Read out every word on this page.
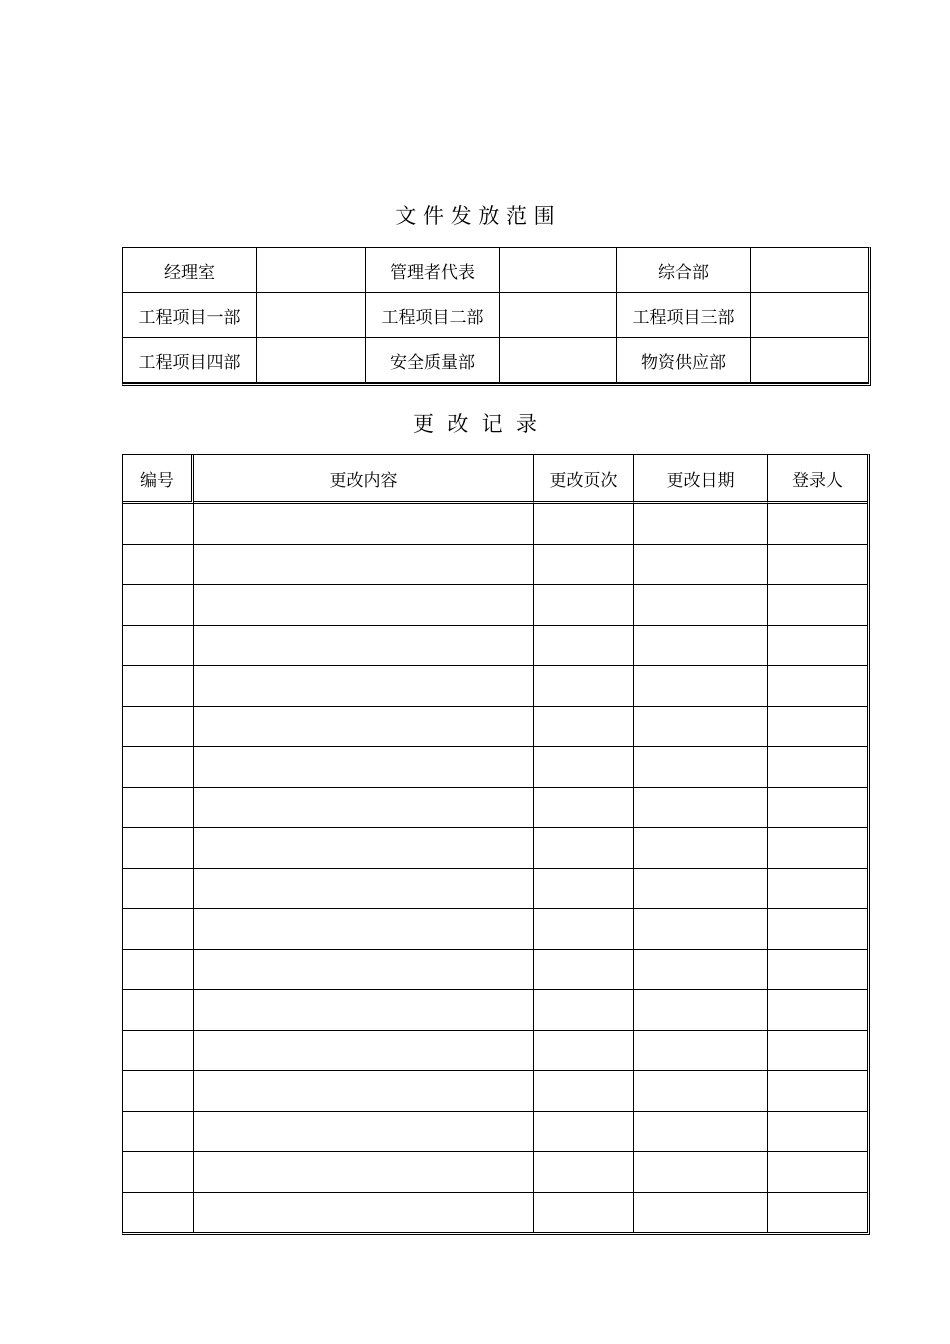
文 件 发 放 范 围
经理室		管理者代表		综合部	
工程项目一部		工程项目二部		工程项目三部	
工程项目四部		安全质量部		物资供应部	
更  改  记  录
编号	更改内容	更改页次	更改日期	登录人
